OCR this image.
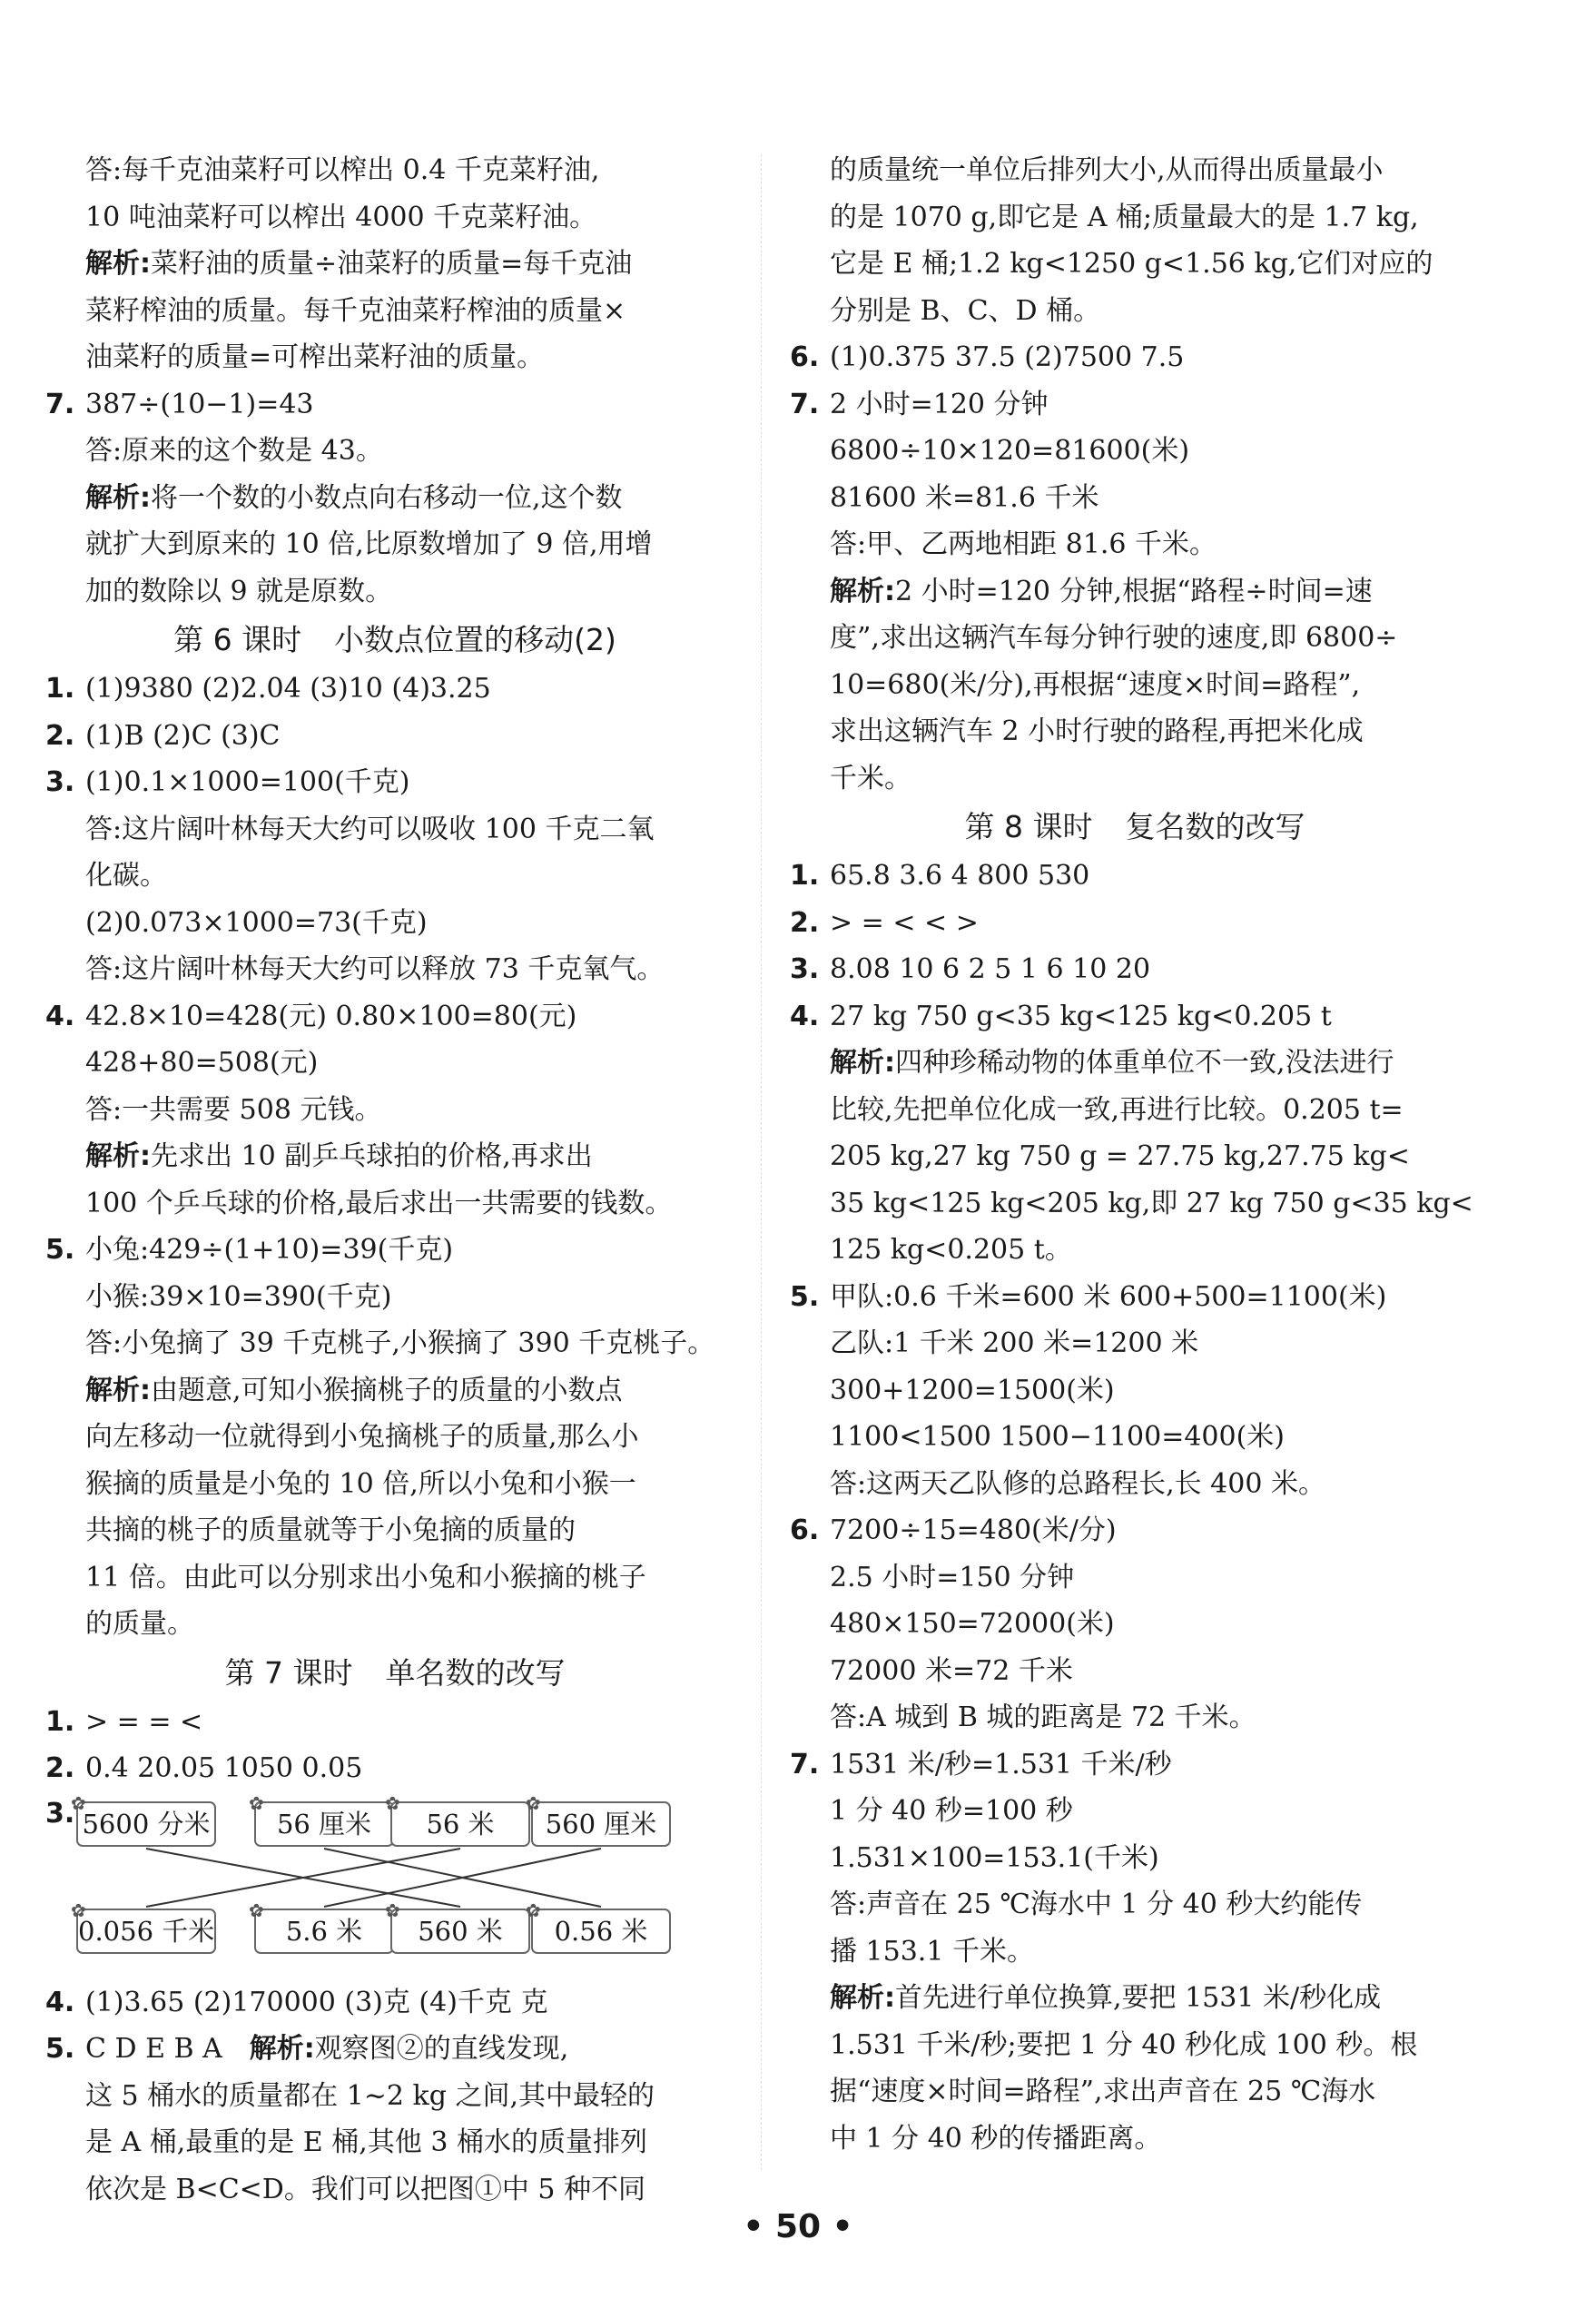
答:每千克油菜籽可以榨出 0.4 千克菜籽油,
10 吨油菜籽可以榨出 4000 千克菜籽油。
解析:菜籽油的质量÷油菜籽的质量=每千克油
菜籽榨油的质量。每千克油菜籽榨油的质量×
油菜籽的质量=可榨出菜籽油的质量。
7. 387÷(10−1)=43
答:原来的这个数是 43。
解析:将一个数的小数点向右移动一位,这个数
就扩大到原来的 10 倍,比原数增加了 9 倍,用增
加的数除以 9 就是原数。
第 6 课时 小数点位置的移动(2)
1. (1)9380 (2)2.04 (3)10 (4)3.25
2. (1)B (2)C (3)C
3. (1)0.1×1000=100(千克)
答:这片阔叶林每天大约可以吸收 100 千克二氧
化碳。
(2)0.073×1000=73(千克)
答:这片阔叶林每天大约可以释放 73 千克氧气。
4. 42.8×10=428(元) 0.80×100=80(元)
428+80=508(元)
答:一共需要 508 元钱。
解析:先求出 10 副乒乓球拍的价格,再求出
100 个乒乓球的价格,最后求出一共需要的钱数。
5. 小兔:429÷(1+10)=39(千克)
小猴:39×10=390(千克)
答:小兔摘了 39 千克桃子,小猴摘了 390 千克桃子。
解析:由题意,可知小猴摘桃子的质量的小数点
向左移动一位就得到小兔摘桃子的质量,那么小
猴摘的质量是小兔的 10 倍,所以小兔和小猴一
共摘的桃子的质量就等于小兔摘的质量的
11 倍。由此可以分别求出小兔和小猴摘的桃子
的质量。
第 7 课时 单名数的改写
1. > = = <
2. 0.4 20.05 1050 0.05
3.
✿
5600 分米
✿
56 厘米
✿
56 米
✿
560 厘米
✿
0.056 千米
✿
5.6 米
✿
560 米
✿
0.56 米
4. (1)3.65 (2)170000 (3)克 (4)千克 克
5. C D E B A 解析:观察图②的直线发现,
这 5 桶水的质量都在 1~2 kg 之间,其中最轻的
是 A 桶,最重的是 E 桶,其他 3 桶水的质量排列
依次是 B<C<D。我们可以把图①中 5 种不同
的质量统一单位后排列大小,从而得出质量最小
的是 1070 g,即它是 A 桶;质量最大的是 1.7 kg,
它是 E 桶;1.2 kg<1250 g<1.56 kg,它们对应的
分别是 B、C、D 桶。
6. (1)0.375 37.5 (2)7500 7.5
7. 2 小时=120 分钟
6800÷10×120=81600(米)
81600 米=81.6 千米
答:甲、乙两地相距 81.6 千米。
解析:2 小时=120 分钟,根据“路程÷时间=速
度”,求出这辆汽车每分钟行驶的速度,即 6800÷
10=680(米/分),再根据“速度×时间=路程”,
求出这辆汽车 2 小时行驶的路程,再把米化成
千米。
第 8 课时 复名数的改写
1. 65.8 3.6 4 800 530
2. > = < < >
3. 8.08 10 6 2 5 1 6 10 20
4. 27 kg 750 g<35 kg<125 kg<0.205 t
解析:四种珍稀动物的体重单位不一致,没法进行
比较,先把单位化成一致,再进行比较。0.205 t=
205 kg,27 kg 750 g = 27.75 kg,27.75 kg<
35 kg<125 kg<205 kg,即 27 kg 750 g<35 kg<
125 kg<0.205 t。
5. 甲队:0.6 千米=600 米 600+500=1100(米)
乙队:1 千米 200 米=1200 米
300+1200=1500(米)
1100<1500 1500−1100=400(米)
答:这两天乙队修的总路程长,长 400 米。
6. 7200÷15=480(米/分)
2.5 小时=150 分钟
480×150=72000(米)
72000 米=72 千米
答:A 城到 B 城的距离是 72 千米。
7. 1531 米/秒=1.531 千米/秒
1 分 40 秒=100 秒
1.531×100=153.1(千米)
答:声音在 25 ℃海水中 1 分 40 秒大约能传
播 153.1 千米。
解析:首先进行单位换算,要把 1531 米/秒化成
1.531 千米/秒;要把 1 分 40 秒化成 100 秒。根
据“速度×时间=路程”,求出声音在 25 ℃海水
中 1 分 40 秒的传播距离。
• 50 •
